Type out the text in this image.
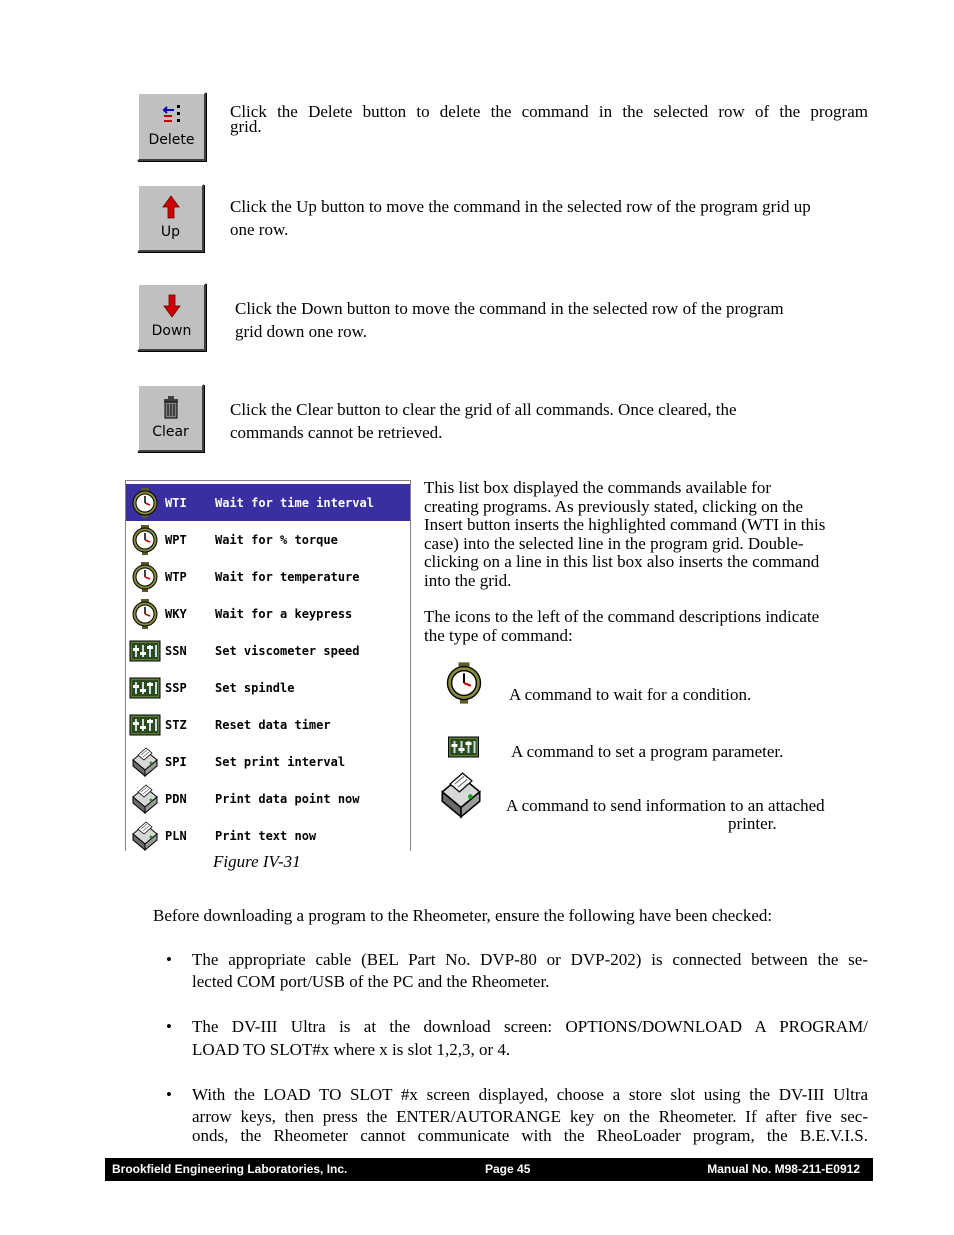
Delete
Click the Delete button to delete the command in the selected row of the program
grid.
Up
Click the Up button to move the command in the selected row of the program grid up
one row.
Down
Click the Down button to move the command in the selected row of the program
grid down one row.
Clear
Click the Clear button to clear the grid of all commands. Once cleared, the
commands cannot be retrieved.
WTI Wait for time interval
WPT Wait for % torque
WTP Wait for temperature
WKY Wait for a keypress
SSN Set viscometer speed
SSP Set spindle
STZ Reset data timer
SPI Set print interval
PDN Print data point now
PLN Print text now
Figure IV-31
This list box displayed the commands available for
creating programs. As previously stated, clicking on the
Insert button inserts the highlighted command (WTI in this
case) into the selected line in the program grid. Double-
clicking on a line in this list box also inserts the command
into the grid.
The icons to the left of the command descriptions indicate
the type of command:
A command to wait for a condition.
A command to set a program parameter.
A command to send information to an attached
printer.
Before downloading a program to the Rheometer, ensure the following have been checked:
• The appropriate cable (BEL Part No. DVP-80 or DVP-202) is connected between the se-
lected COM port/USB of the PC and the Rheometer.
• The DV-III Ultra is at the download screen: OPTIONS/DOWNLOAD A PROGRAM/
LOAD TO SLOT#x where x is slot 1,2,3, or 4.
• With the LOAD TO SLOT #x screen displayed, choose a store slot using the DV-III Ultra
arrow keys, then press the ENTER/AUTORANGE key on the Rheometer. If after five sec-
onds, the Rheometer cannot communicate with the RheoLoader program, the B.E.V.I.S.
Brookfield Engineering Laboratories, Inc.	Page 45	Manual No. M98-211-E0912
